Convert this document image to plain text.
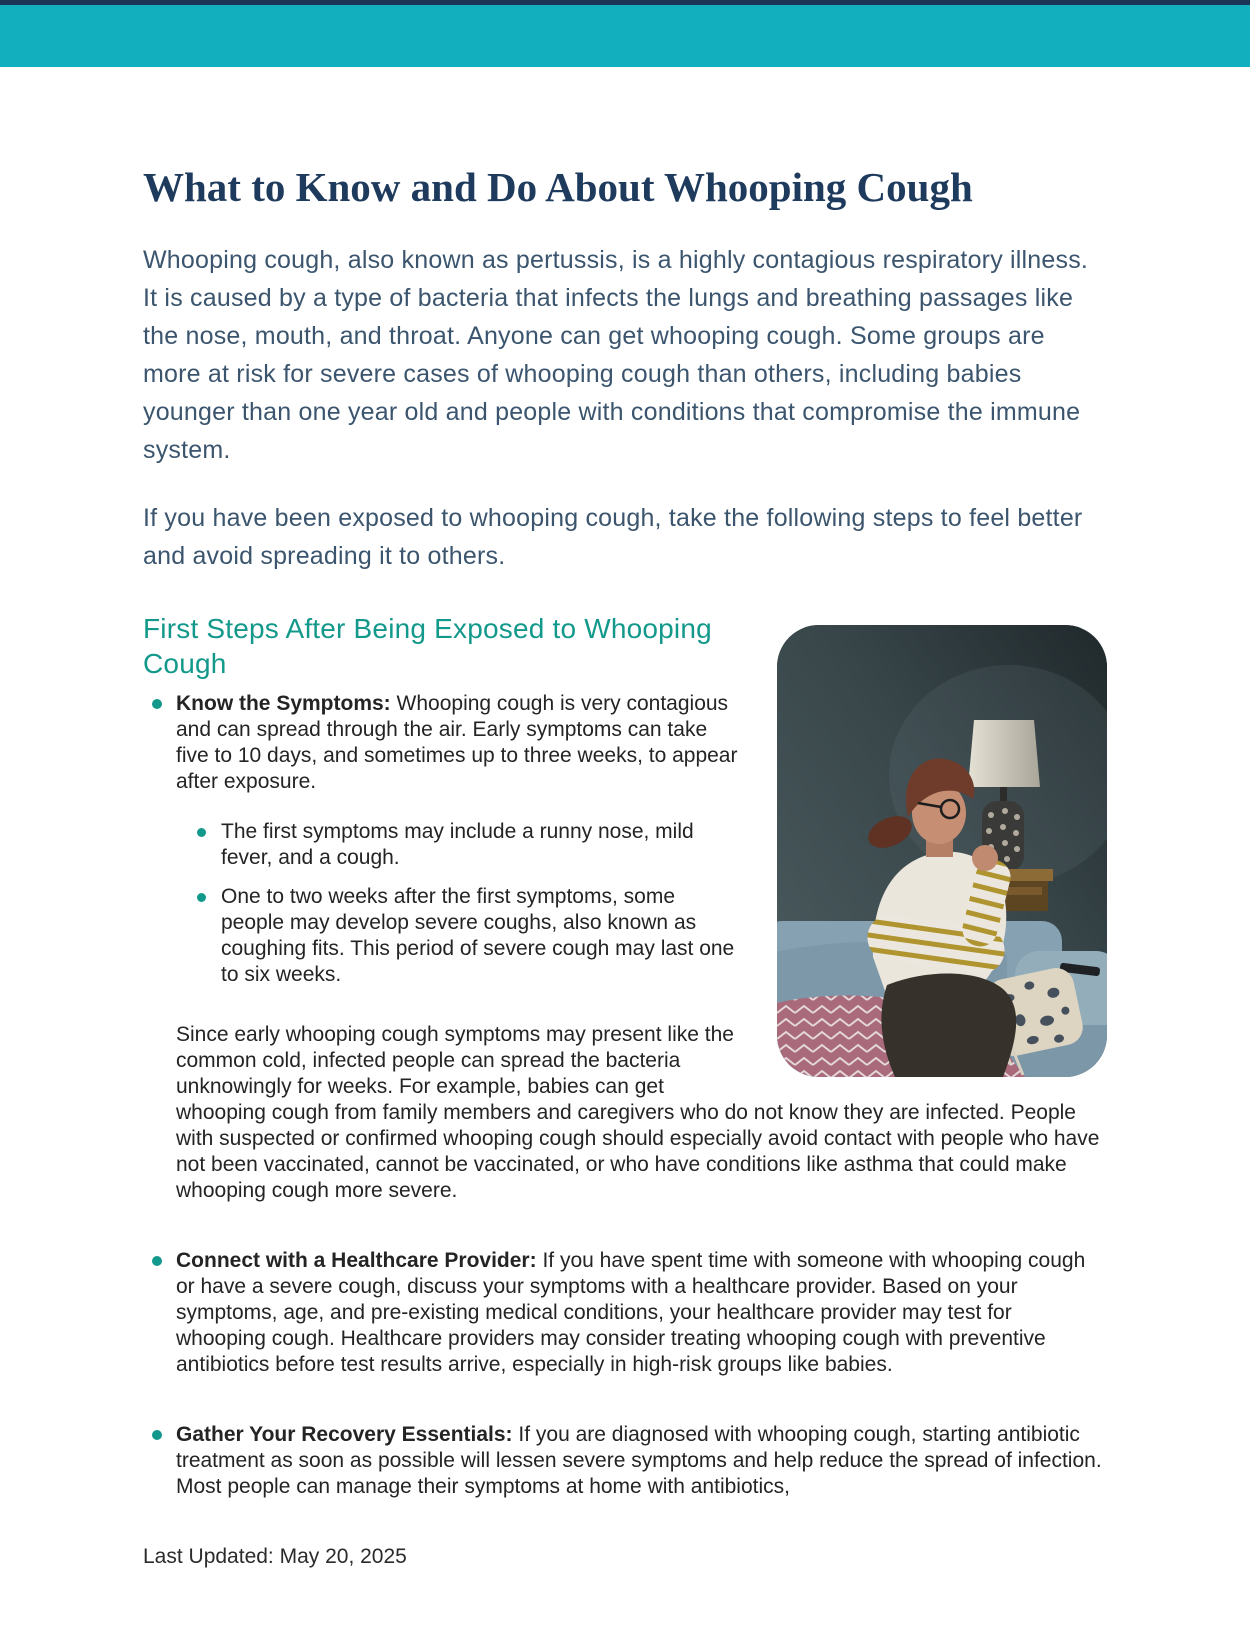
What to Know and Do About Whooping Cough

Whooping cough, also known as pertussis, is a highly contagious respiratory illness. It is caused by a type of bacteria that infects the lungs and breathing passages like the nose, mouth, and throat. Anyone can get whooping cough. Some groups are more at risk for severe cases of whooping cough than others, including babies younger than one year old and people with conditions that compromise the immune system.

If you have been exposed to whooping cough, take the following steps to feel better and avoid spreading it to others.

First Steps After Being Exposed to Whooping Cough
Know the Symptoms: Whooping cough is very contagious and can spread through the air. Early symptoms can take five to 10 days, and sometimes up to three weeks, to appear after exposure.
The first symptoms may include a runny nose, mild fever, and a cough.
One to two weeks after the first symptoms, some people may develop severe coughs, also known as coughing fits. This period of severe cough may last one to six weeks.

Since early whooping cough symptoms may present like the common cold, infected people can spread the bacteria unknowingly for weeks. For example, babies can get whooping cough from family members and caregivers who do not know they are infected. People with suspected or confirmed whooping cough should especially avoid contact with people who have not been vaccinated, cannot be vaccinated, or who have conditions like asthma that could make whooping cough more severe.

Connect with a Healthcare Provider: If you have spent time with someone with whooping cough or have a severe cough, discuss your symptoms with a healthcare provider. Based on your symptoms, age, and pre-existing medical conditions, your healthcare provider may test for whooping cough. Healthcare providers may consider treating whooping cough with preventive antibiotics before test results arrive, especially in high-risk groups like babies.
Gather Your Recovery Essentials: If you are diagnosed with whooping cough, starting antibiotic treatment as soon as possible will lessen severe symptoms and help reduce the spread of infection. Most people can manage their symptoms at home with antibiotics,
Last Updated: May 20, 2025
